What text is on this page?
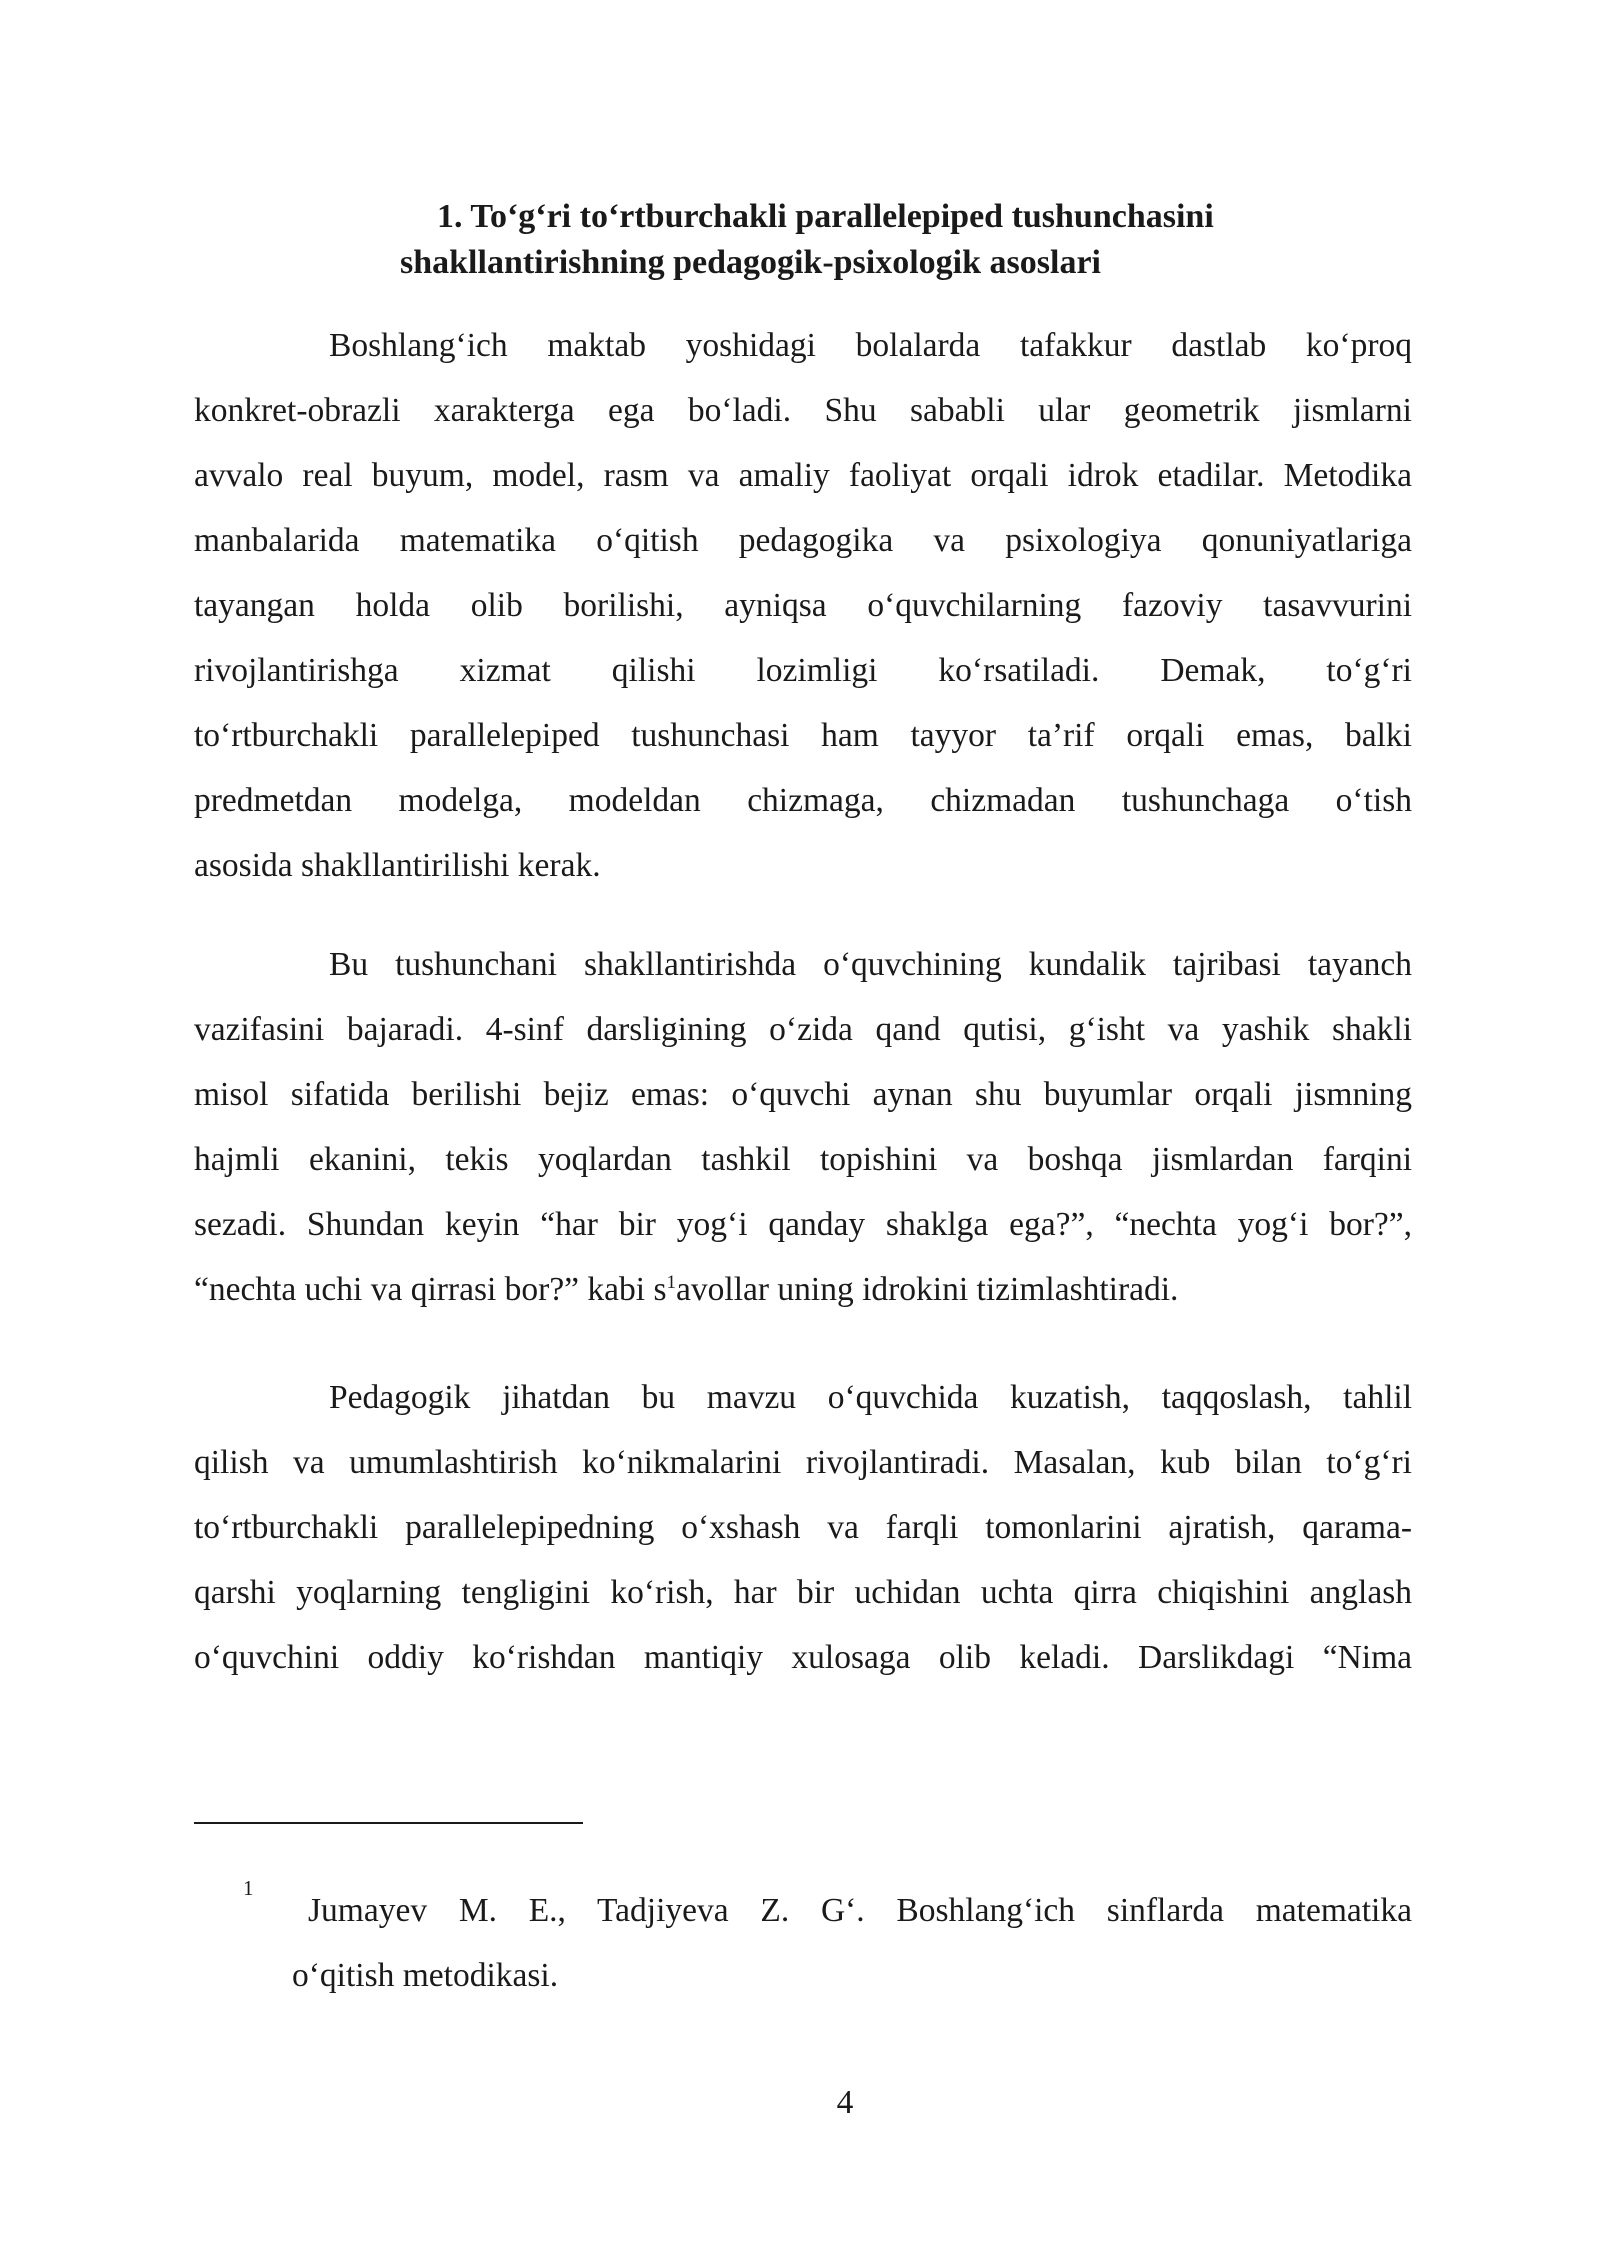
1. To‘g‘ri to‘rtburchakli parallelepiped tushunchasini
shakllantirishning pedagogik-psixologik asoslari
Boshlang‘ich maktab yoshidagi bolalarda tafakkur dastlab ko‘proq
konkret-obrazli xarakterga ega bo‘ladi. Shu sababli ular geometrik jismlarni
avvalo real buyum, model, rasm va amaliy faoliyat orqali idrok etadilar. Metodika
manbalarida matematika o‘qitish pedagogika va psixologiya qonuniyatlariga
tayangan holda olib borilishi, ayniqsa o‘quvchilarning fazoviy tasavvurini
rivojlantirishga xizmat qilishi lozimligi ko‘rsatiladi. Demak, to‘g‘ri
to‘rtburchakli parallelepiped tushunchasi ham tayyor ta’rif orqali emas, balki
predmetdan modelga, modeldan chizmaga, chizmadan tushunchaga o‘tish
asosida shakllantirilishi kerak.
Bu tushunchani shakllantirishda o‘quvchining kundalik tajribasi tayanch
vazifasini bajaradi. 4-sinf darsligining o‘zida qand qutisi, g‘isht va yashik shakli
misol sifatida berilishi bejiz emas: o‘quvchi aynan shu buyumlar orqali jismning
hajmli ekanini, tekis yoqlardan tashkil topishini va boshqa jismlardan farqini
sezadi. Shundan keyin “har bir yog‘i qanday shaklga ega?”, “nechta yog‘i bor?”,
“nechta uchi va qirrasi bor?” kabi s$^1$avollar uning idrokini tizimlashtiradi.
Pedagogik jihatdan bu mavzu o‘quvchida kuzatish, taqqoslash, tahlil
qilish va umumlashtirish ko‘nikmalarini rivojlantiradi. Masalan, kub bilan to‘g‘ri
to‘rtburchakli parallelepipedning o‘xshash va farqli tomonlarini ajratish, qarama-
qarshi yoqlarning tengligini ko‘rish, har bir uchidan uchta qirra chiqishini anglash
o‘quvchini oddiy ko‘rishdan mantiqiy xulosaga olib keladi. Darslikdagi “Nima
1
Jumayev M. E., Tadjiyeva Z. G‘. Boshlang‘ich sinflarda matematika
o‘qitish metodikasi.
4
